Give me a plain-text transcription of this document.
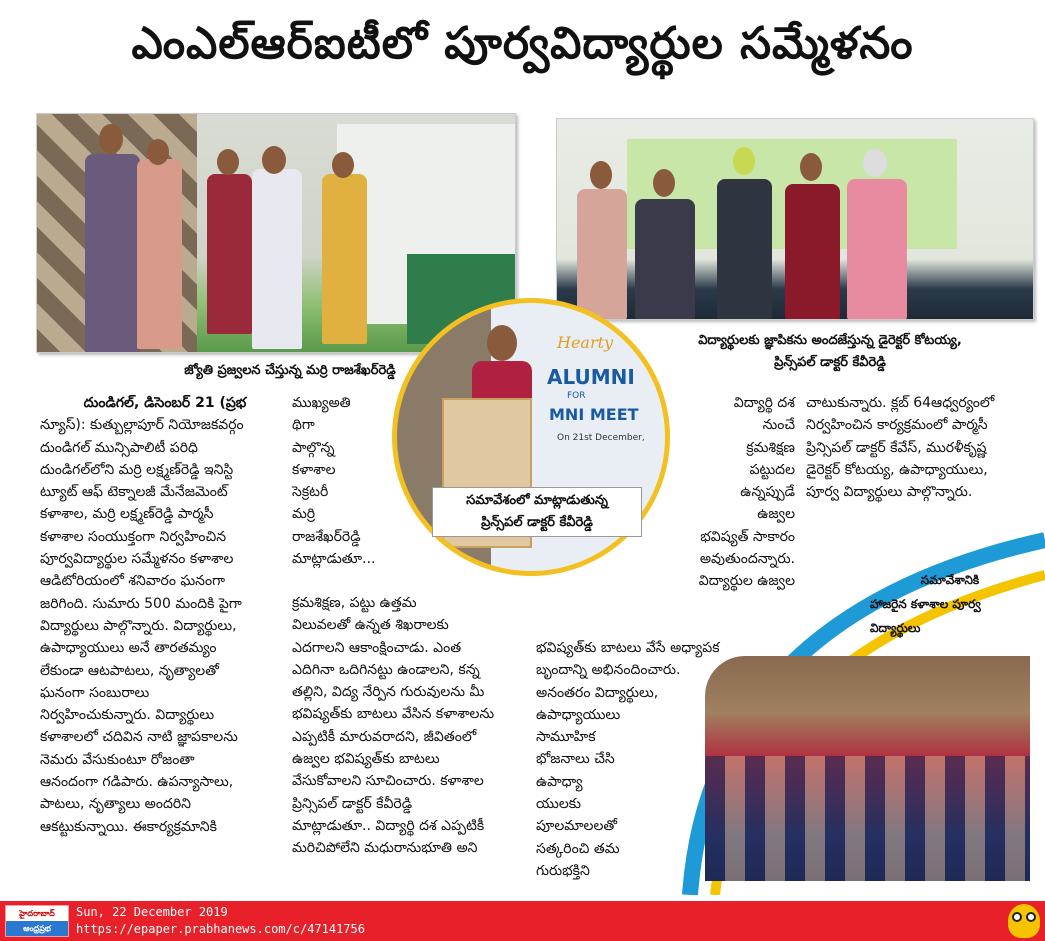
ఎంఎల్ఆర్ఐటీలో పూర్వవిద్యార్థుల సమ్మేళనం
జ్యోతి ప్రజ్వలన చేస్తున్న మర్రి రాజశేఖర్‌రెడ్డి
విద్యార్థులకు జ్ఞాపికను అందజేస్తున్న డైరెక్టర్ కోటయ్య,
ప్రిన్స్‌పల్ డాక్టర్ కేవీరెడ్డి
Hearty
ALUMNI
FOR
MNI MEET
On 21st December,
సమావేశంలో మాట్లాడుతున్న
ప్రిన్స్‌పల్ డాక్టర్ కేవీరెడ్డి

దుండిగల్, డిసెంబర్ 21 (ప్రభ

న్యూస్): కుత్బుల్లాపూర్ నియోజకవర్గం

దుండిగల్ మున్సిపాలిటీ పరిధి

దుండిగల్‌లోని మర్రి లక్ష్మణ్‌రెడ్డి ఇనిస్టి

ట్యూట్ ఆఫ్ టెక్నాలజీ మేనేజమెంట్

కళాశాల, మర్రి లక్ష్మణ్‌రెడ్డి పార్మసీ

కళాశాల సంయుక్తంగా నిర్వహించిన

పూర్వవిద్యార్థుల సమ్మేళనం కళాశాల

ఆడిటోరియంలో శనివారం ఘనంగా

జరిగింది. సుమారు 500 మందికి పైగా

విద్యార్థులు పాల్గొన్నారు. విద్యార్థులు,

ఉపాధ్యాయులు అనే తారతమ్యం

లేకుండా ఆటపాటలు, నృత్యాలతో

ఘనంగా సంబురాలు

నిర్వహించుకున్నారు. విద్యార్థులు

కళాశాలలో చదివిన నాటి జ్ఞాపకాలను

నెమరు వేసుకుంటూ రోజంతా

ఆనందంగా గడిపారు. ఉపన్యాసాలు,

పాటలు, నృత్యాలు అందరిని

ఆకట్టుకున్నాయి. ఈకార్యక్రమానికి

ముఖ్యఅతి

థిగా

పాల్గొన్న

కళాశాల

సెక్రటరీ

మర్రి

రాజశేఖర్‌రెడ్డి

మాట్లాడుతూ...

క్రమశిక్షణ, పట్టు ఉత్తమ

విలువలతో ఉన్నత శిఖరాలకు

ఎదగాలని ఆకాంక్షించాడు. ఎంత

ఎదిగినా ఒదిగినట్టు ఉండాలని, కన్న

తల్లిని, విద్య నేర్పిన గురువులను మీ

భవిష్యత్‌కు బాటలు వేసిన కళాశాలను

ఎప్పటికీ మారువరాదని, జీవితంలో

ఉజ్వల భవిష్యత్‌కు బాటలు

వేసుకోవాలని సూచించారు. కళాశాల

ప్రిన్సిపల్ డాక్టర్ కేవీరెడ్డి

మాట్లాడుతూ.. విద్యార్థి దశ ఎప్పటికీ

మరిచిపోలేని మధురానుభూతి అని

విద్యార్థి దశ

నుంచే

క్రమశిక్షణ

పట్టుదల

ఉన్నప్పుడే

ఉజ్వల

భవిష్యత్ సాకారం

అవుతుందన్నారు.

విద్యార్థుల ఉజ్వల

భవిష్యత్‌కు బాటలు వేసే అధ్యాపక

బృందాన్ని అభినందించారు.

అనంతరం విద్యార్థులు,

ఉపాధ్యాయులు

సామూహిక

భోజనాలు చేసి

ఉపాధ్యా

యులకు

పూలమాలలతో

సత్కరించి తమ

గురుభక్తిని

చాటుకున్నారు. క్లబ్ 64ఆధ్వర్యంలో

నిర్వహించిన కార్యక్రమంలో పార్మసీ

ప్రిన్సిపల్ డాక్టర్ కేవేస్, మురళీకృష్ణ

డైరెక్టర్ కోటయ్య, ఉపాధ్యాయులు,

పూర్వ విద్యార్థులు పాల్గొన్నారు.

సమావేశానికి
హాజరైన కళాశాల పూర్వ
విద్యార్థులు
హైదరాబాద్
ఆంధ్రప్రభ
Sun, 22 December 2019
https://epaper.prabhanews.com/c/47141756
